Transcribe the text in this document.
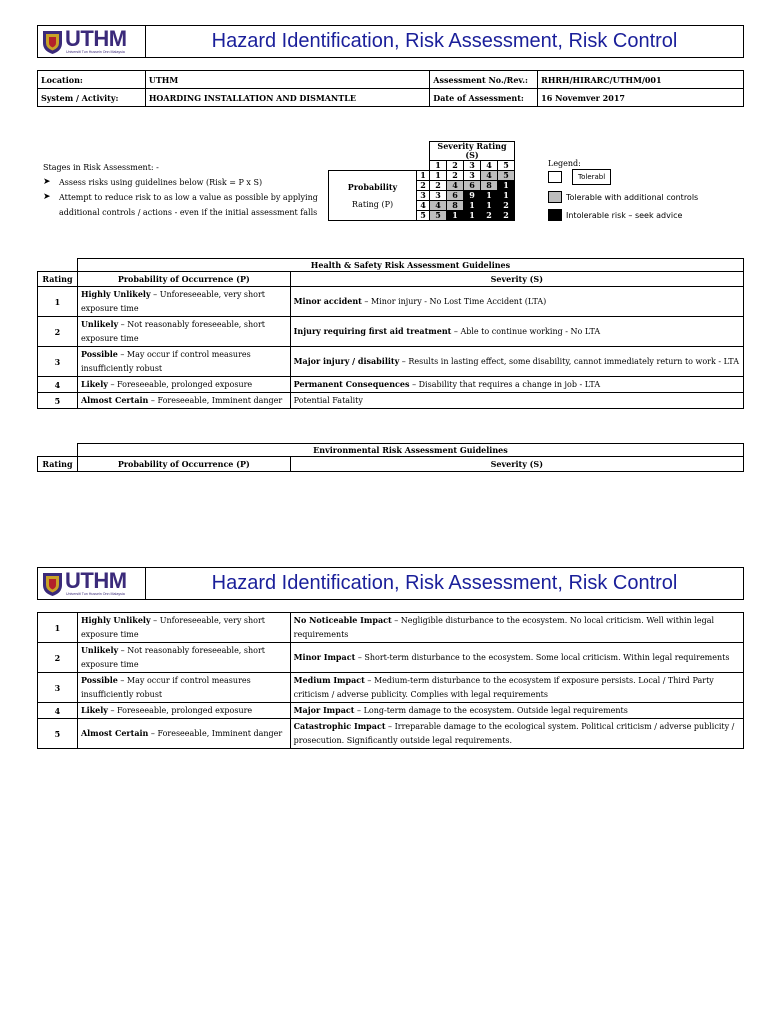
UTHM
Universiti Tun Hussein Onn Malaysia	Hazard Identification, Risk Assessment, Risk Control
Location:	UTHM	Assessment No./Rev.:	RHRH/HIRARC/UTHM/001
System / Activity:	HOARDING INSTALLATION AND DISMANTLE	Date of Assessment:	16 Novemver 2017
Stages in Risk Assessment: -
➤	Assess risks using guidelines below (Risk = P x S)
➤	Attempt to reduce risk to as low a value as possible by applying additional controls / actions - even if the initial assessment falls
		Severity Rating (S)				
		1	2	3	4	5

Probability
Rating (P)	1	1	2	3	4	5
	2	2	4	6	8	1
	3	3	6	9	1	1
	4	4	8	1	1	2
	5	5	1	1	2	2
Legend:
Tolerabl
Tolerable with additional controls
Intolerable risk – seek advice
	Health & Safety Risk Assessment Guidelines	
Rating	Probability of Occurrence (P)	Severity (S)
1	Highly Unlikely – Unforeseeable, very short exposure time	Minor accident – Minor injury - No Lost Time Accident (LTA)
2	Unlikely – Not reasonably foreseeable, short exposure time	Injury requiring first aid treatment – Able to continue working - No LTA
3	Possible – May occur if control measures insufficiently robust	Major injury / disability – Results in lasting effect, some disability, cannot immediately return to work - LTA
4	Likely – Foreseeable, prolonged exposure	Permanent Consequences – Disability that requires a change in job - LTA
5	Almost Certain – Foreseeable, Imminent danger	Potential Fatality
	Environmental Risk Assessment Guidelines	
Rating	Probability of Occurrence (P)	Severity (S)
UTHM
Universiti Tun Hussein Onn Malaysia	Hazard Identification, Risk Assessment, Risk Control
1	Highly Unlikely – Unforeseeable, very short exposure time	No Noticeable Impact – Negligible disturbance to the ecosystem. No local criticism. Well within legal requirements
2	Unlikely – Not reasonably foreseeable, short exposure time	Minor Impact – Short-term disturbance to the ecosystem. Some local criticism. Within legal requirements
3	Possible – May occur if control measures insufficiently robust	Medium Impact – Medium-term disturbance to the ecosystem if exposure persists. Local / Third Party criticism / adverse publicity. Complies with legal requirements
4	Likely – Foreseeable, prolonged exposure	Major Impact – Long-term damage to the ecosystem. Outside legal requirements
5	Almost Certain – Foreseeable, Imminent danger	Catastrophic Impact – Irreparable damage to the ecological system. Political criticism / adverse publicity / prosecution. Significantly outside legal requirements.
